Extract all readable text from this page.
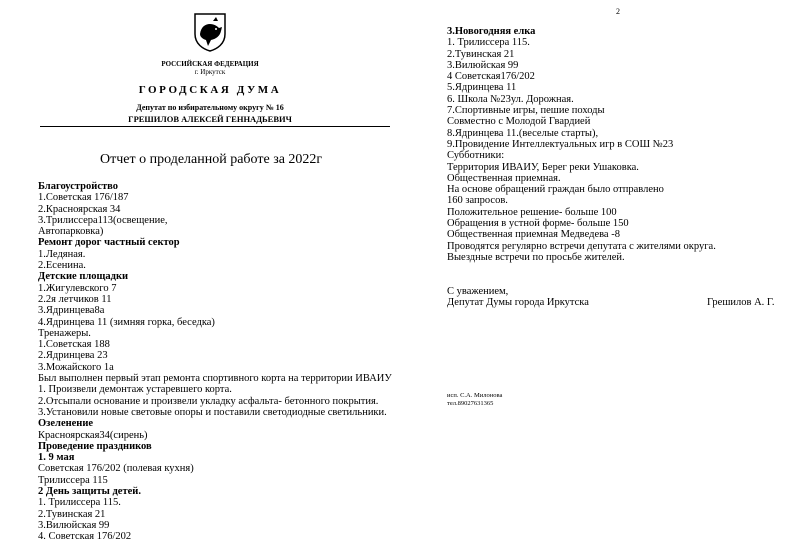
РОССИЙСКАЯ ФЕДЕРАЦИЯ
г. Иркутск
ГОРОДСКАЯ ДУМА
Депутат по избирательному округу № 16
ГРЕШИЛОВ АЛЕКСЕЙ ГЕННАДЬЕВИЧ
Отчет о проделанной работе за 2022г
Благоустройство
1.Советская 176/187
2.Красноярская 34
3.Трилиссера113(освещение,
Автопарковка)
Ремонт дорог частный сектор
1.Ледяная.
2.Есенина.
Детские площадки
1.Жигулевского 7
2.2я летчиков 11
3.Ядринцева8а
4.Ядринцева 11 (зимняя горка, беседка)
Тренажеры.
1.Советская 188
2.Ядринцева 23
3.Можайского 1а
Был выполнен первый этап ремонта спортивного корта на территории ИВАИУ
1. Произвели демонтаж устаревшего корта.
2.Отсыпали основание и произвели укладку асфальта- бетонного покрытия.
3.Установили новые световые опоры и поставили светодиодные светильники.
Озеленение
Красноярская34(сирень)
Проведение праздников
1. 9 мая
Советская 176/202 (полевая кухня)
Трилиссера 115
2 День защиты детей.
1. Трилиссера 115.
2.Тувинская 21
3.Вилюйская 99
4. Советская 176/202
2
3.Новогодняя елка
1. Трилиссера 115.
2.Тувинская 21
3.Вилюйская 99
4 Советская176/202
5.Ядринцева 11
6. Школа №23ул. Дорожная.
7.Спортивные игры, пешие походы
Совместно с Молодой Гвардией
8.Ядринцева 11.(веселые старты),
9.Провидение Интеллектуальных игр в СОШ №23
Субботники:
Территория ИВАИУ, Берег реки Ушаковка.
Общественная приемная.
На основе обращений граждан было отправлено
160 запросов.
Положительное решение- больше 100
Обращения в устной форме- больше 150
Общественная приемная Медведева -8
Проводятся регулярно встречи депутата с жителями округа.
Выездные встречи по просьбе жителей.
С уважением,
Депутат Думы города Иркутска	Грешилов А. Г.
исп. С.А. Милонова
тел.89027631365
